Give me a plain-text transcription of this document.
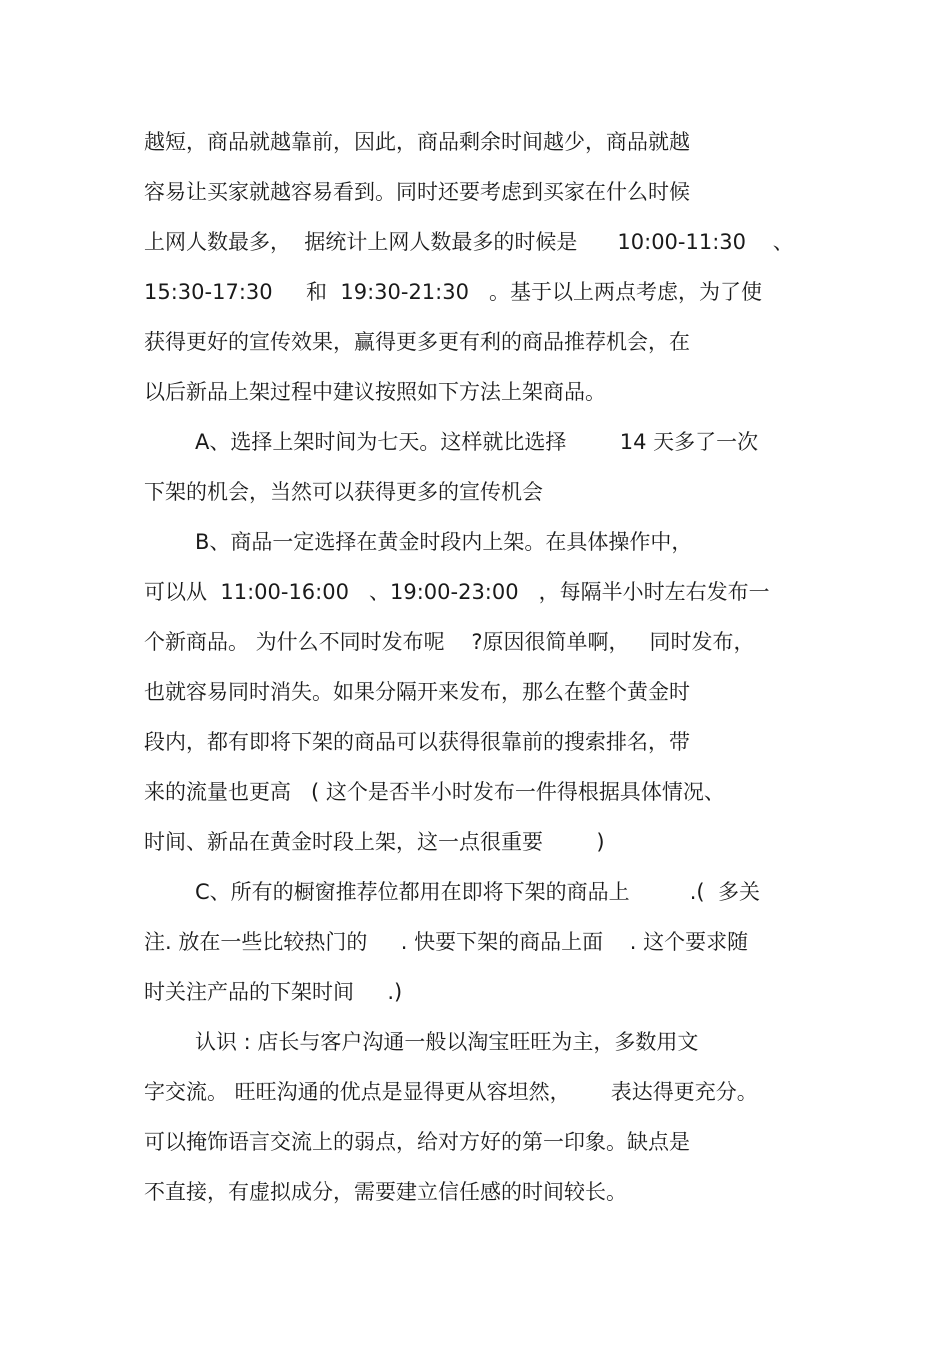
越短，商品就越靠前，因此，商品剩余时间越少，商品就越

容易让买家就越容易看到。同时还要考虑到买家在什么时候

上网人数最多，  据统计上网人数最多的时候是      10:00-11:30    、

15:30-17:30     和  19:30-21:30   。基于以上两点考虑，为了使

获得更好的宣传效果，赢得更多更有利的商品推荐机会，在

以后新品上架过程中建议按照如下方法上架商品。

A、选择上架时间为七天。这样就比选择        14 天多了一次

下架的机会，当然可以获得更多的宣传机会

B、商品一定选择在黄金时段内上架。在具体操作中，

可以从  11:00-16:00   、19:00-23:00   ，每隔半小时左右发布一

个新商品。 为什么不同时发布呢    ?原因很简单啊，   同时发布，

也就容易同时消失。如果分隔开来发布，那么在整个黄金时

段内，都有即将下架的商品可以获得很靠前的搜索排名，带

来的流量也更高   ( 这个是否半小时发布一件得根据具体情况、

时间、新品在黄金时段上架，这一点很重要        )

C、所有的橱窗推荐位都用在即将下架的商品上         .(  多关

注. 放在一些比较热门的     . 快要下架的商品上面    . 这个要求随

时关注产品的下架时间     .)

认识 : 店长与客户沟通一般以淘宝旺旺为主，多数用文

字交流。 旺旺沟通的优点是显得更从容坦然，      表达得更充分。

可以掩饰语言交流上的弱点，给对方好的第一印象。缺点是

不直接，有虚拟成分，需要建立信任感的时间较长。
